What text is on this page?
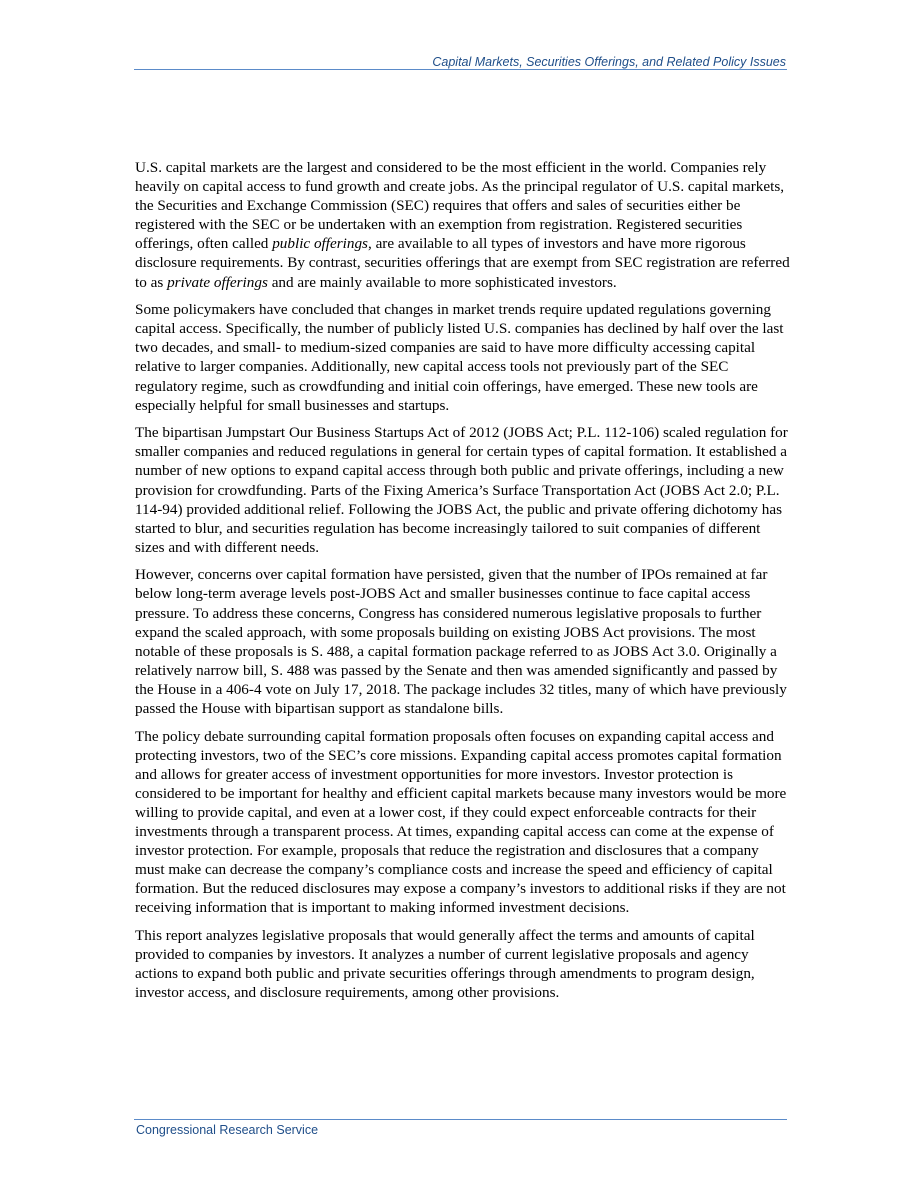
Capital Markets, Securities Offerings, and Related Policy Issues

U.S. capital markets are the largest and considered to be the most efficient in the world. Companies rely heavily on capital access to fund growth and create jobs. As the principal regulator of U.S. capital markets, the Securities and Exchange Commission (SEC) requires that offers and sales of securities either be registered with the SEC or be undertaken with an exemption from registration. Registered securities offerings, often called public offerings, are available to all types of investors and have more rigorous disclosure requirements. By contrast, securities offerings that are exempt from SEC registration are referred to as private offerings and are mainly available to more sophisticated investors.

Some policymakers have concluded that changes in market trends require updated regulations governing capital access. Specifically, the number of publicly listed U.S. companies has declined by half over the last two decades, and small- to medium-sized companies are said to have more difficulty accessing capital relative to larger companies. Additionally, new capital access tools not previously part of the SEC regulatory regime, such as crowdfunding and initial coin offerings, have emerged. These new tools are especially helpful for small businesses and startups.

The bipartisan Jumpstart Our Business Startups Act of 2012 (JOBS Act; P.L. 112-106) scaled regulation for smaller companies and reduced regulations in general for certain types of capital formation. It established a number of new options to expand capital access through both public and private offerings, including a new provision for crowdfunding. Parts of the Fixing America’s Surface Transportation Act (JOBS Act 2.0; P.L. 114-94) provided additional relief. Following the JOBS Act, the public and private offering dichotomy has started to blur, and securities regulation has become increasingly tailored to suit companies of different sizes and with different needs.

However, concerns over capital formation have persisted, given that the number of IPOs remained at far below long-term average levels post-JOBS Act and smaller businesses continue to face capital access pressure. To address these concerns, Congress has considered numerous legislative proposals to further expand the scaled approach, with some proposals building on existing JOBS Act provisions. The most notable of these proposals is S. 488, a capital formation package referred to as JOBS Act 3.0. Originally a relatively narrow bill, S. 488 was passed by the Senate and then was amended significantly and passed by the House in a 406-4 vote on July 17, 2018. The package includes 32 titles, many of which have previously passed the House with bipartisan support as standalone bills.

The policy debate surrounding capital formation proposals often focuses on expanding capital access and protecting investors, two of the SEC’s core missions. Expanding capital access promotes capital formation and allows for greater access of investment opportunities for more investors. Investor protection is considered to be important for healthy and efficient capital markets because many investors would be more willing to provide capital, and even at a lower cost, if they could expect enforceable contracts for their investments through a transparent process. At times, expanding capital access can come at the expense of investor protection. For example, proposals that reduce the registration and disclosures that a company must make can decrease the company’s compliance costs and increase the speed and efficiency of capital formation. But the reduced disclosures may expose a company’s investors to additional risks if they are not receiving information that is important to making informed investment decisions.

This report analyzes legislative proposals that would generally affect the terms and amounts of capital provided to companies by investors. It analyzes a number of current legislative proposals and agency actions to expand both public and private securities offerings through amendments to program design, investor access, and disclosure requirements, among other provisions.

Congressional Research Service
